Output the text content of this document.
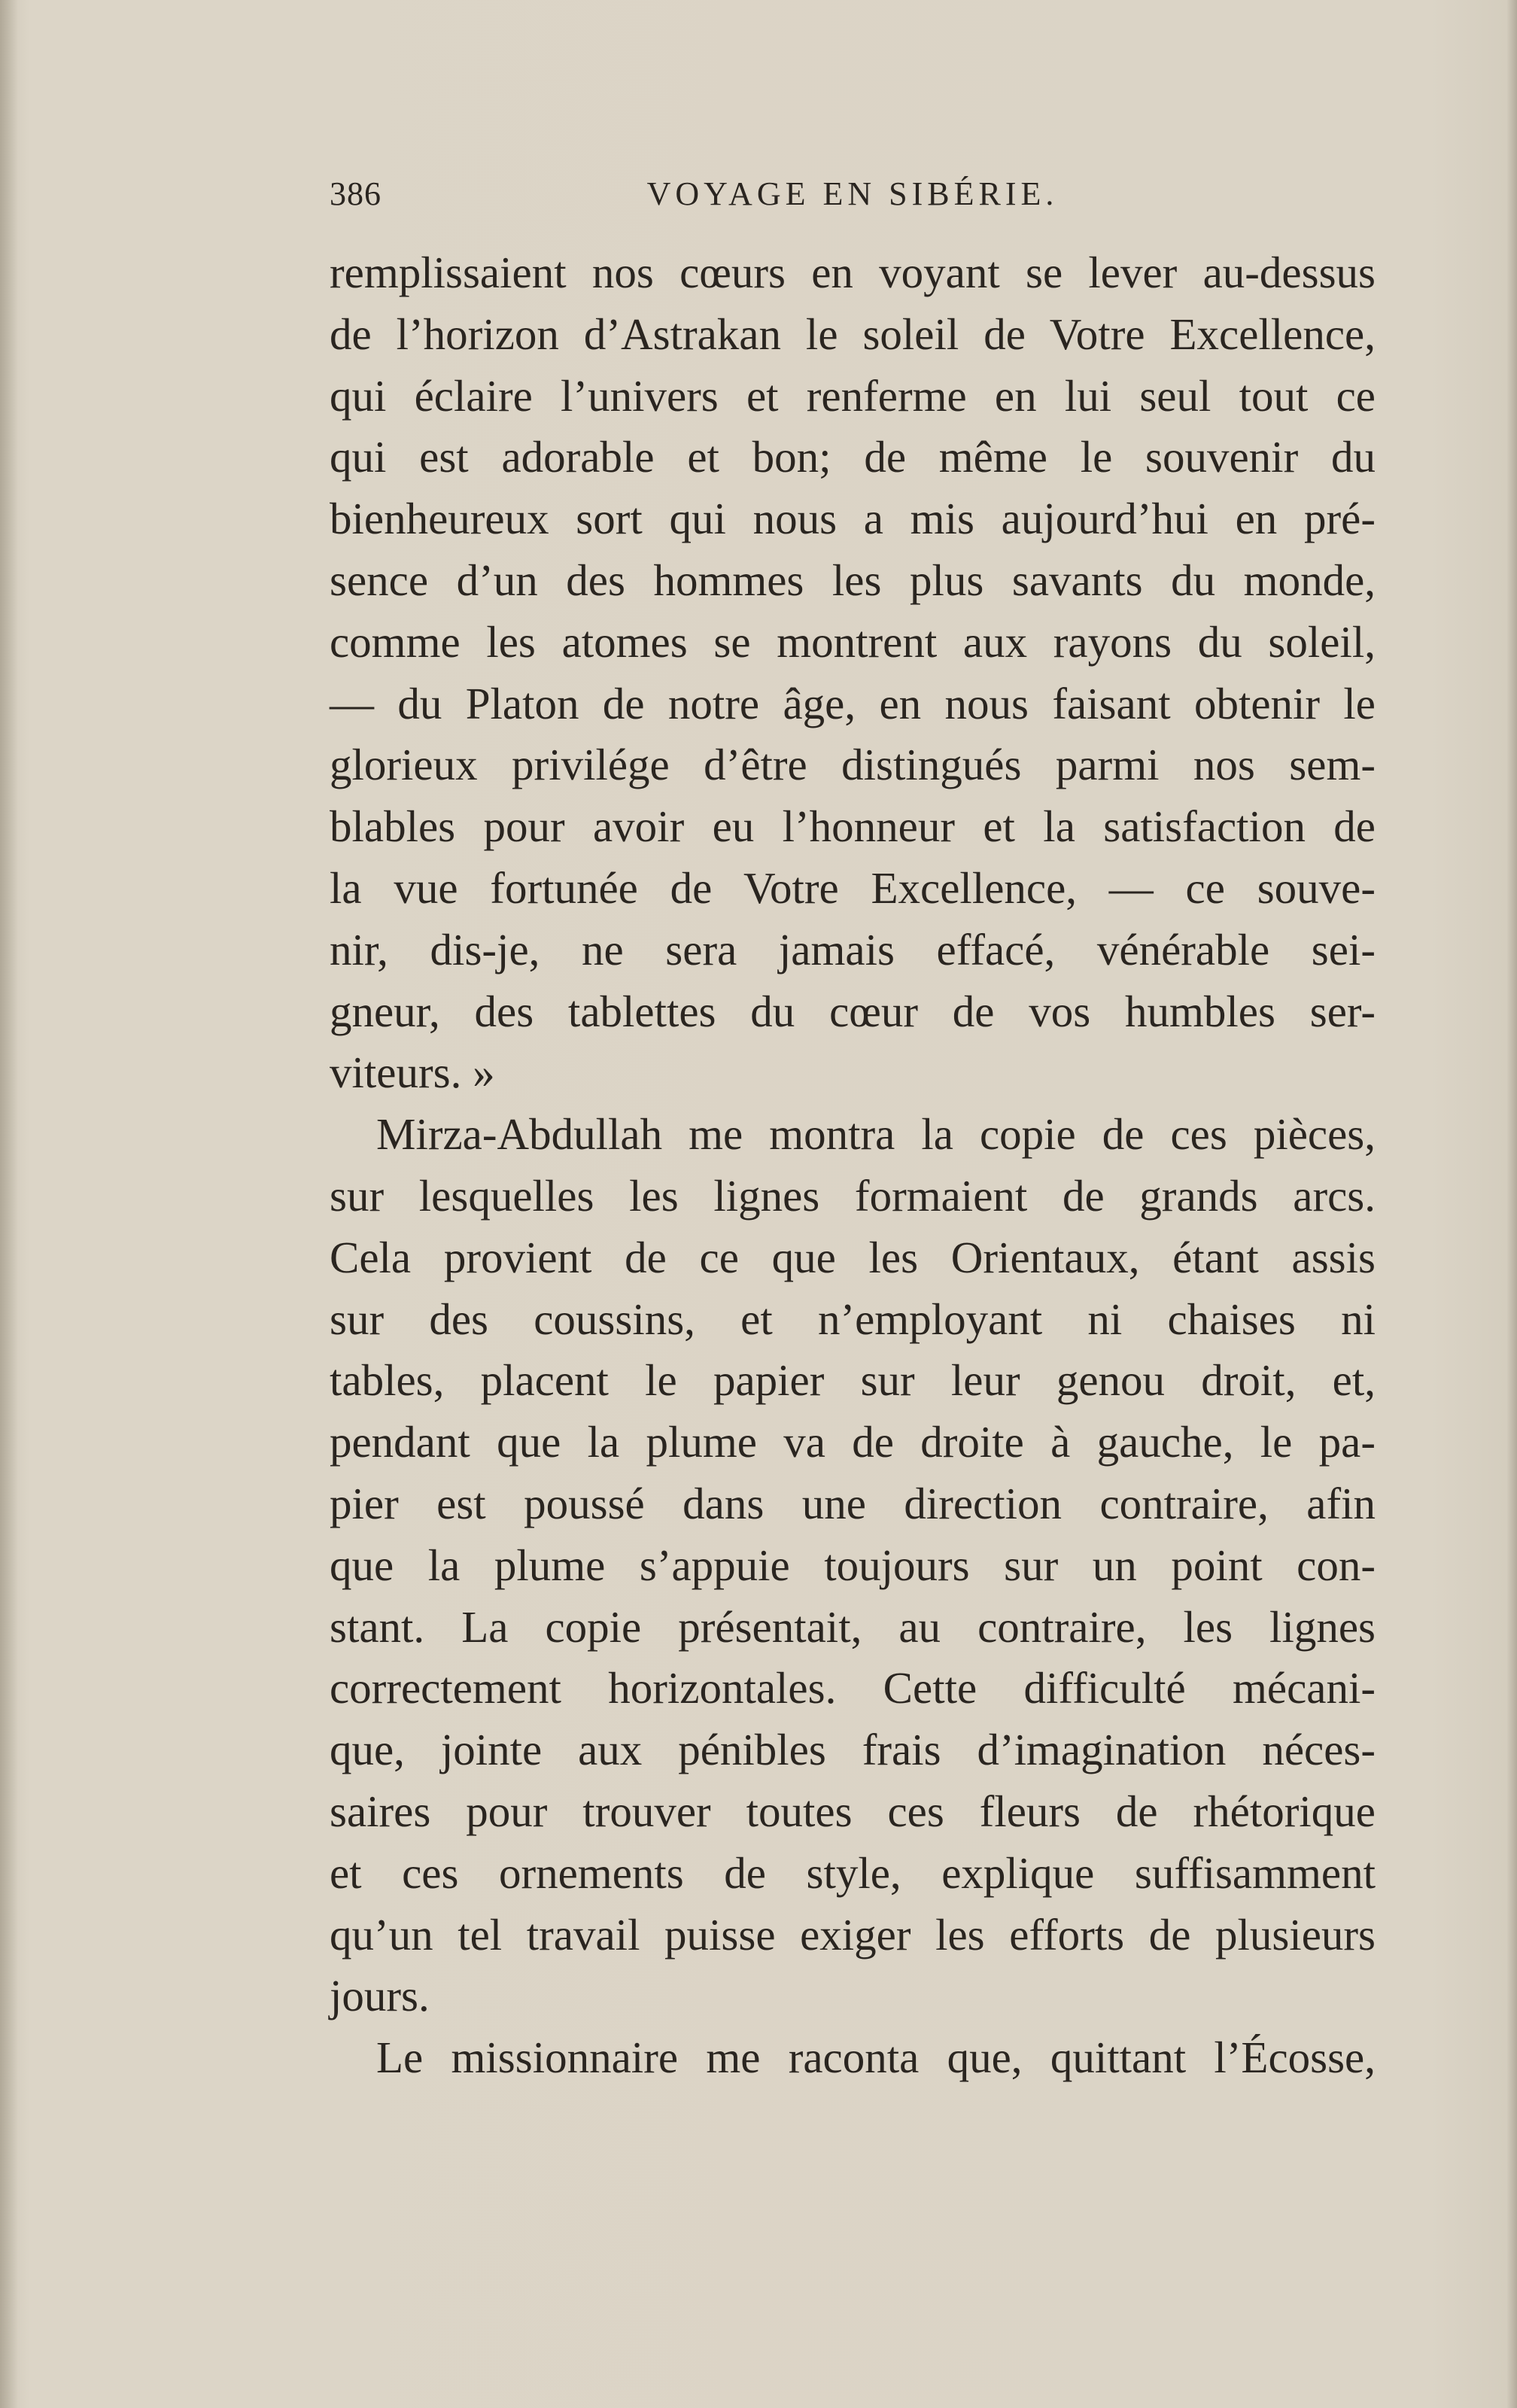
386	VOYAGE EN SIBÉRIE.
remplissaient nos cœurs en voyant se lever au-dessus
de l’horizon d’Astrakan le soleil de Votre Excellence,
qui éclaire l’univers et renferme en lui seul tout ce
qui est adorable et bon; de même le souvenir du
bienheureux sort qui nous a mis aujourd’hui en pré-
sence d’un des hommes les plus savants du monde,
comme les atomes se montrent aux rayons du soleil,
— du Platon de notre âge, en nous faisant obtenir le
glorieux privilége d’être distingués parmi nos sem-
blables pour avoir eu l’honneur et la satisfaction de
la vue fortunée de Votre Excellence, — ce souve-
nir, dis-je, ne sera jamais effacé, vénérable sei-
gneur, des tablettes du cœur de vos humbles ser-
viteurs. »
Mirza-Abdullah me montra la copie de ces pièces,
sur lesquelles les lignes formaient de grands arcs.
Cela provient de ce que les Orientaux, étant assis
sur des coussins, et n’employant ni chaises ni
tables, placent le papier sur leur genou droit, et,
pendant que la plume va de droite à gauche, le pa-
pier est poussé dans une direction contraire, afin
que la plume s’appuie toujours sur un point con-
stant. La copie présentait, au contraire, les lignes
correctement horizontales. Cette difficulté mécani-
que, jointe aux pénibles frais d’imagination néces-
saires pour trouver toutes ces fleurs de rhétorique
et ces ornements de style, explique suffisamment
qu’un tel travail puisse exiger les efforts de plusieurs
jours.
Le missionnaire me raconta que, quittant l’Écosse,
